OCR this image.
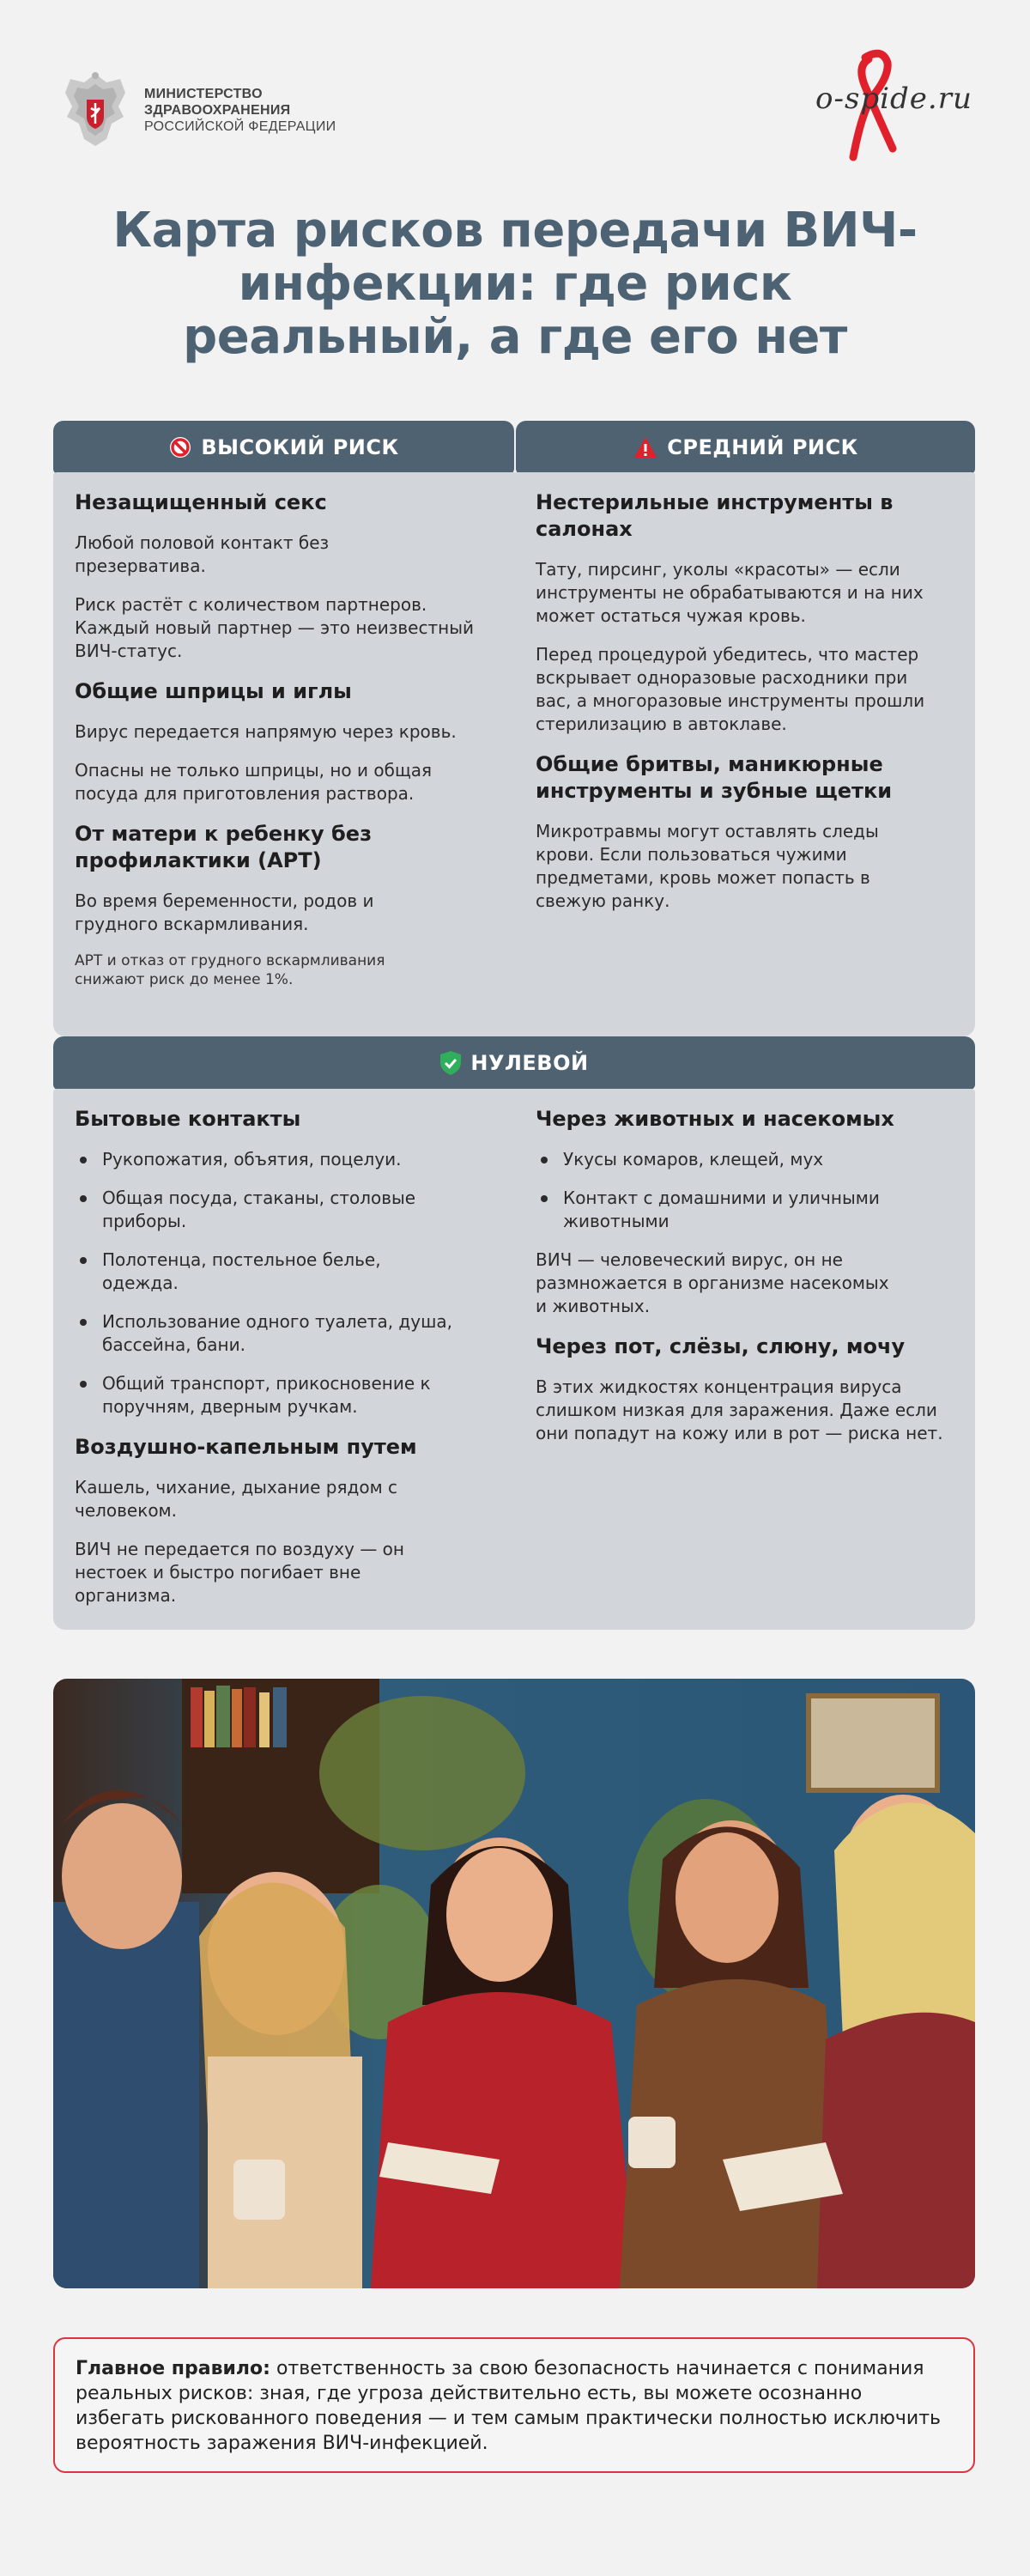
МИНИСТЕРСТВО
ЗДРАВООХРАНЕНИЯ
РОССИЙСКОЙ ФЕДЕРАЦИИ
o-spide.ru
Карта рисков передачи ВИЧ-инфекции: где риск реальный, а где его нет
ВЫСОКИЙ РИСК	СРЕДНИЙ РИСК
Незащищенный секс
Любой половой контакт без презерватива.
Риск растёт с количеством партнеров. Каждый новый партнер — это неизвестный ВИЧ-статус.
Общие шприцы и иглы
Вирус передается напрямую через кровь.
Опасны не только шприцы, но и общая посуда для приготовления раствора.
От матери к ребенку без профилактики (АРТ)
Во время беременности, родов и грудного вскармливания.
АРТ и отказ от грудного вскармливания снижают риск до менее 1%.
Нестерильные инструменты в салонах
Тату, пирсинг, уколы «красоты» — если инструменты не обрабатываются и на них может остаться чужая кровь.
Перед процедурой убедитесь, что мастер вскрывает одноразовые расходники при вас, а многоразовые инструменты прошли стерилизацию в автоклаве.
Общие бритвы, маникюрные инструменты и зубные щетки
Микротравмы могут оставлять следы крови. Если пользоваться чужими предметами, кровь может попасть в свежую ранку.
НУЛЕВОЙ
Бытовые контакты
Рукопожатия, объятия, поцелуи.
Общая посуда, стаканы, столовые приборы.
Полотенца, постельное белье, одежда.
Использование одного туалета, душа, бассейна, бани.
Общий транспорт, прикосновение к поручням, дверным ручкам.
Воздушно-капельным путем
Кашель, чихание, дыхание рядом с человеком.
ВИЧ не передается по воздуху — он нестоек и быстро погибает вне организма.
Через животных и насекомых
Укусы комаров, клещей, мух
Контакт с домашними и уличными животными
ВИЧ — человеческий вирус, он не размножается в организме насекомых и животных.
Через пот, слёзы, слюну, мочу
В этих жидкостях концентрация вируса слишком низкая для заражения. Даже если они попадут на кожу или в рот — риска нет.
Главное правило: ответственность за свою безопасность начинается с понимания реальных рисков: зная, где угроза действительно есть, вы можете осознанно избегать рискованного поведения — и тем самым практически полностью исключить вероятность заражения ВИЧ-инфекцией.
